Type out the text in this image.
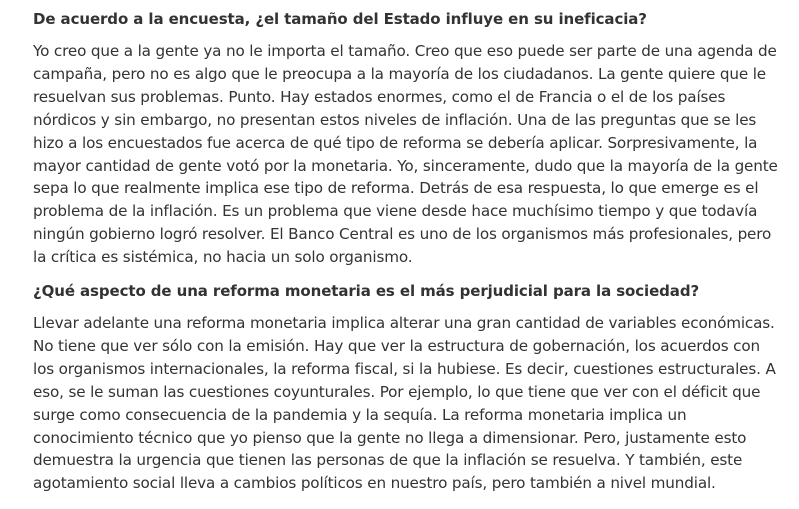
De acuerdo a la encuesta, ¿el tamaño del Estado influye en su ineficacia?

Yo creo que a la gente ya no le importa el tamaño. Creo que eso puede ser parte de una agenda de campaña, pero no es algo que le preocupa a la mayoría de los ciudadanos. La gente quiere que le resuelvan sus problemas. Punto. Hay estados enormes, como el de Francia o el de los países nórdicos y sin embargo, no presentan estos niveles de inflación. Una de las preguntas que se les hizo a los encuestados fue acerca de qué tipo de reforma se debería aplicar. Sorpresivamente, la mayor cantidad de gente votó por la monetaria. Yo, sinceramente, dudo que la mayoría de la gente sepa lo que realmente implica ese tipo de reforma. Detrás de esa respuesta, lo que emerge es el problema de la inflación. Es un problema que viene desde hace muchísimo tiempo y que todavía ningún gobierno logró resolver. El Banco Central es uno de los organismos más profesionales, pero la crítica es sistémica, no hacia un solo organismo.

¿Qué aspecto de una reforma monetaria es el más perjudicial para la sociedad?

Llevar adelante una reforma monetaria implica alterar una gran cantidad de variables económicas. No tiene que ver sólo con la emisión. Hay que ver la estructura de gobernación, los acuerdos con los organismos internacionales, la reforma fiscal, si la hubiese. Es decir, cuestiones estructurales. A eso, se le suman las cuestiones coyunturales. Por ejemplo, lo que tiene que ver con el déficit que surge como consecuencia de la pandemia y la sequía. La reforma monetaria implica un conocimiento técnico que yo pienso que la gente no llega a dimensionar. Pero, justamente esto demuestra la urgencia que tienen las personas de que la inflación se resuelva. Y también, este agotamiento social lleva a cambios políticos en nuestro país, pero también a nivel mundial.
